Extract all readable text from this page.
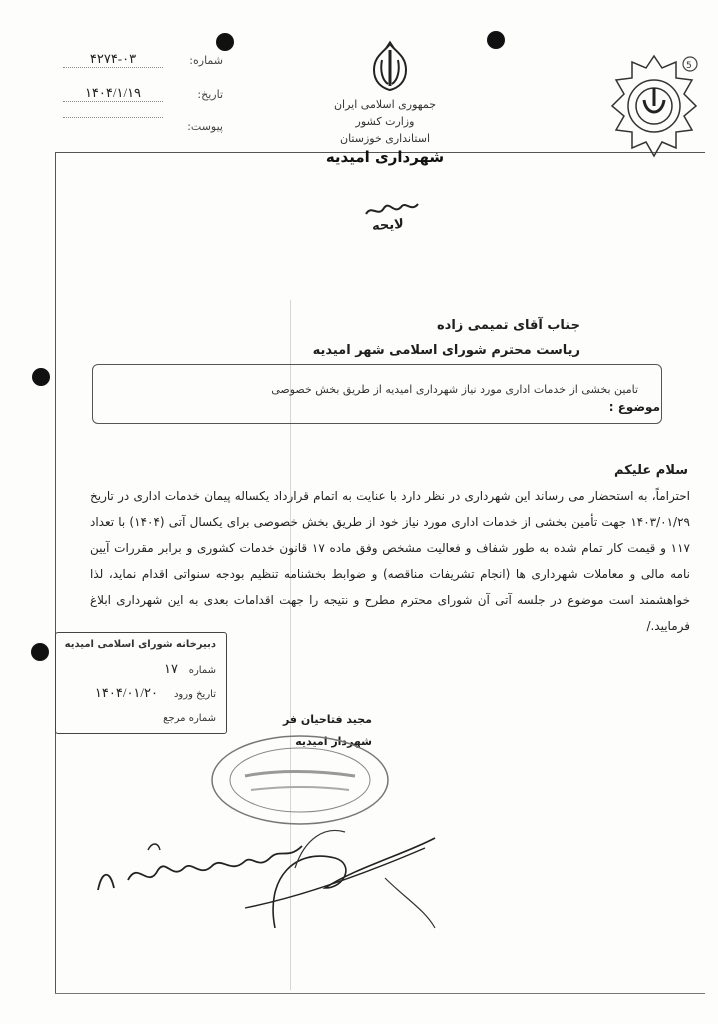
شماره:
۴۲۷۴-۰۳
تاریخ:
۱۴۰۴/۱/۱۹
پیوست:
جمهوری اسلامی ایران
وزارت کشور
استانداری خوزستان
شهرداری امیدیه
5
لایحه
جناب آقای تمیمی زاده
ریاست محترم شورای اسلامی شهر امیدیه
تامین بخشی از خدمات اداری مورد نیاز شهرداری امیدیه از طریق بخش خصوصی
موضوع :
سلام علیکم
احتراماً، به استحضار می رساند این شهرداری در نظر دارد با عنایت به اتمام قرارداد یکساله پیمان خدمات اداری در تاریخ ۱۴۰۳/۰۱/۲۹ جهت تأمین بخشی از خدمات اداری مورد نیاز خود از طریق بخش خصوصی برای یکسال آتی (۱۴۰۴) با تعداد ۱۱۷ و قیمت کار تمام شده به طور شفاف و فعالیت مشخص وفق ماده ۱۷ قانون خدمات کشوری و برابر مقررات آیین نامه مالی و معاملات شهرداری ها (انجام تشریفات مناقصه) و ضوابط بخشنامه تنظیم بودجه سنواتی اقدام نماید، لذا خواهشمند است موضوع در جلسه آتی آن شورای محترم مطرح و نتیجه را جهت اقدامات بعدی به این شهرداری ابلاغ فرمایید./
دبیرخانه شورای اسلامی امیدیه
شماره
۱۷
تاریخ ورود
۱۴۰۴/۰۱/۲۰
شماره مرجع	مجید فتاحیان فر
شهردار امیدیه
